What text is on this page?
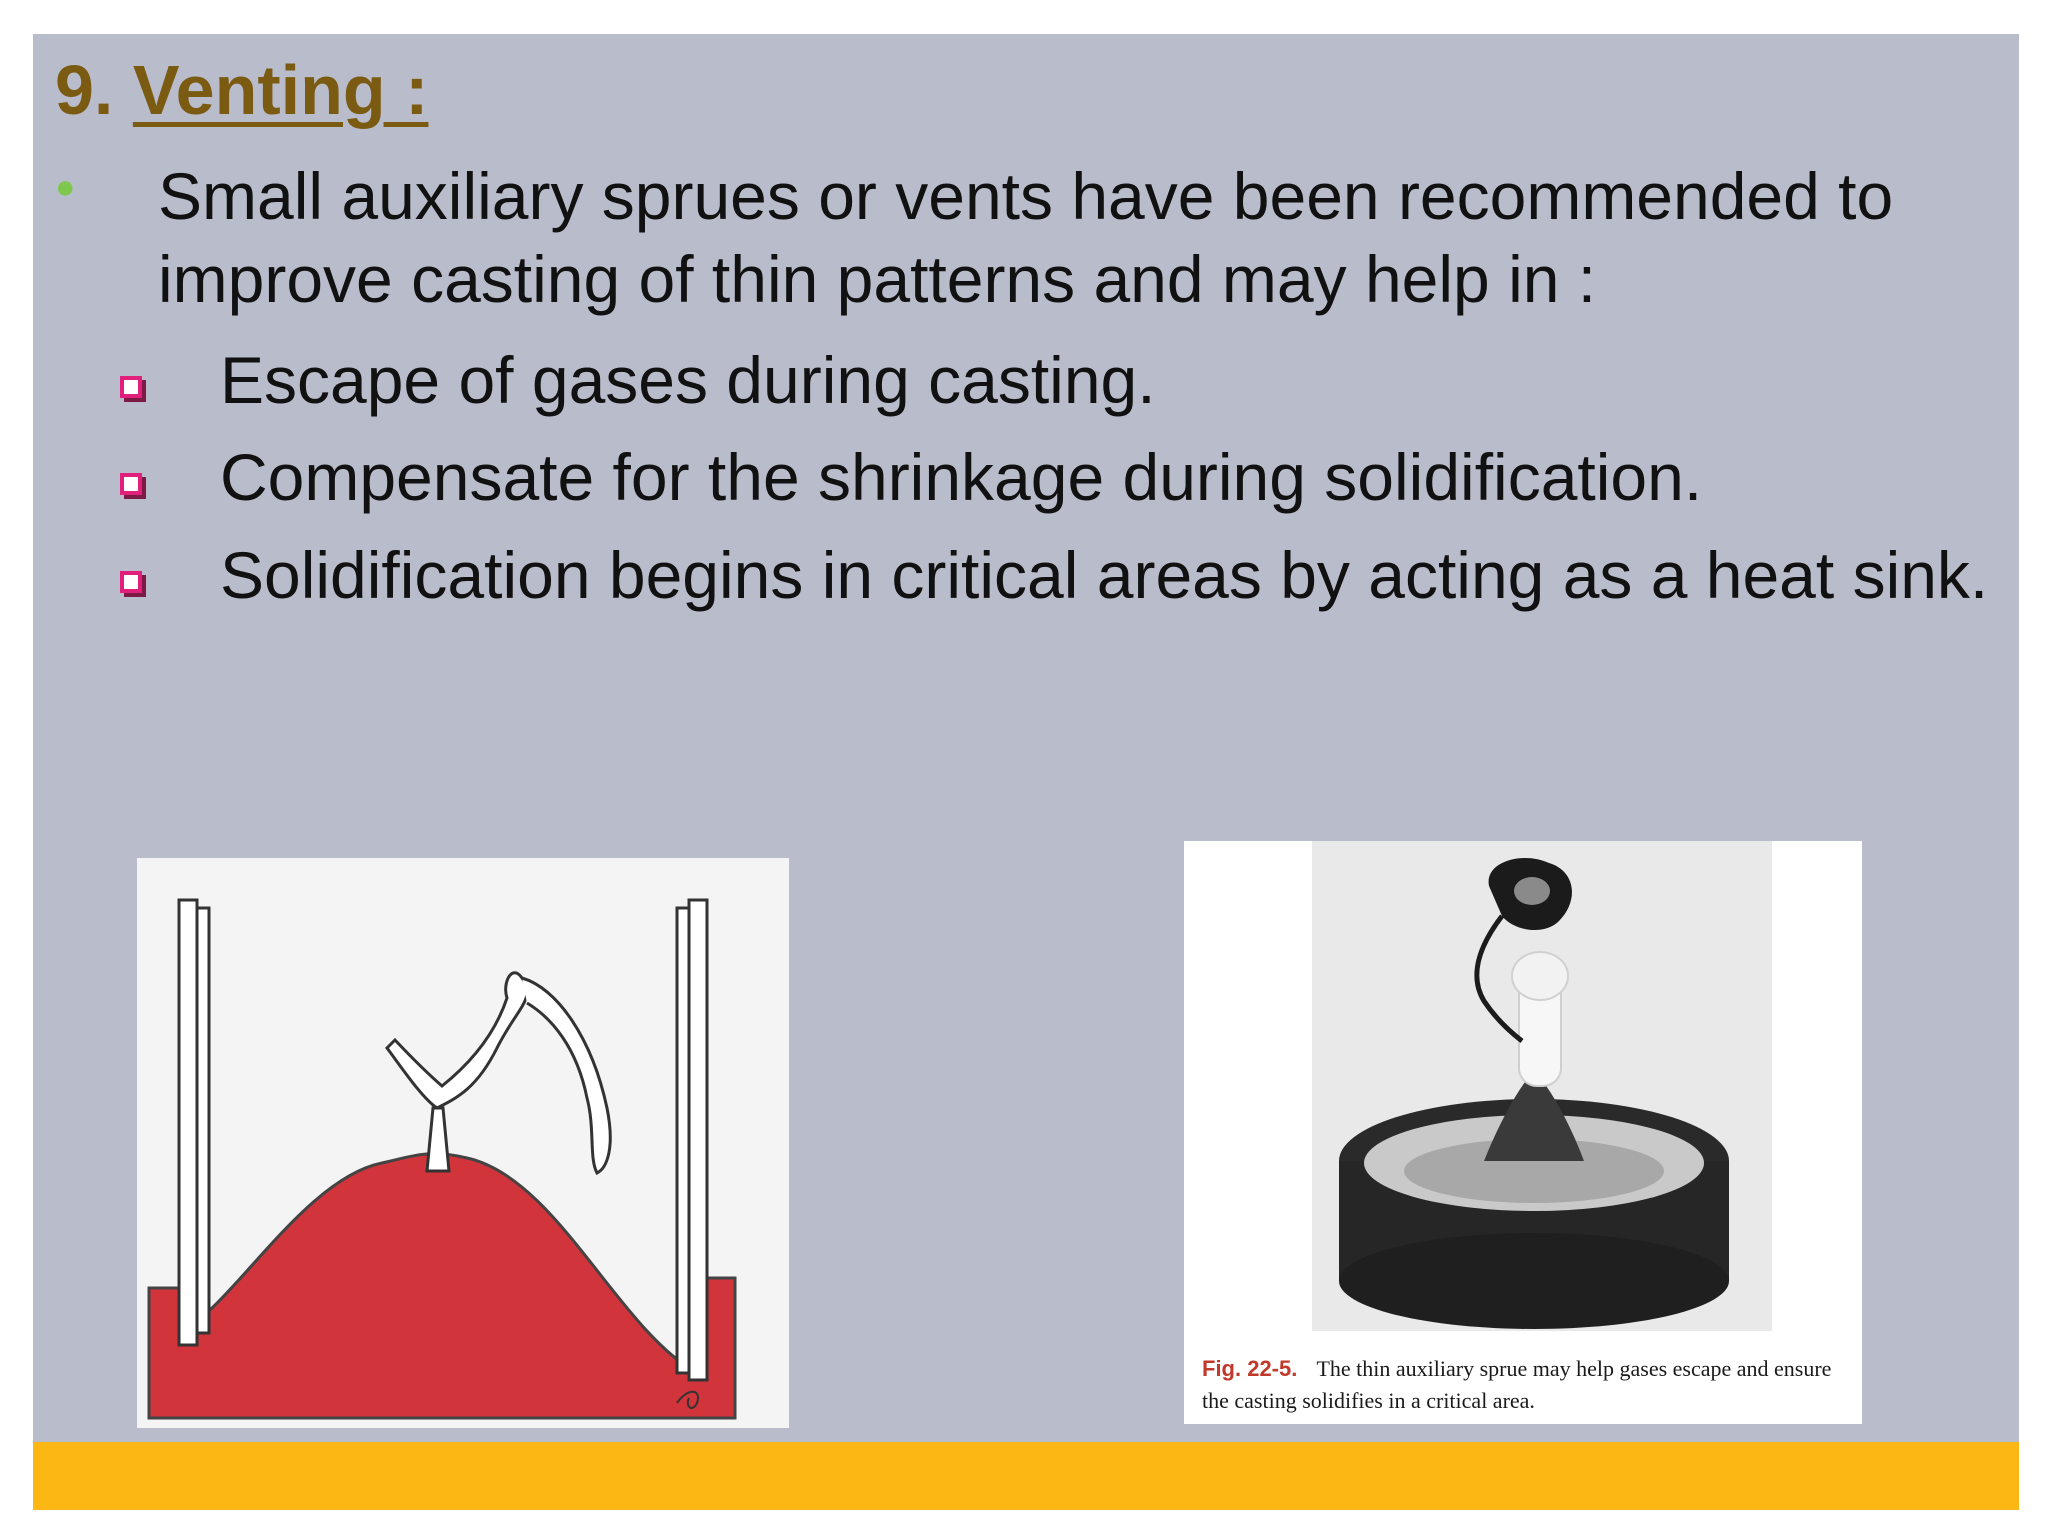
9. Venting :
● Small auxiliary sprues or vents have been recommended to improve casting of thin patterns and may help in :
Escape of gases during casting.
Compensate for the shrinkage during solidification.
Solidification begins in critical areas by acting as a heat sink.
Fig. 22-5. The thin auxiliary sprue may help gases escape and ensure the casting solidifies in a critical area.
